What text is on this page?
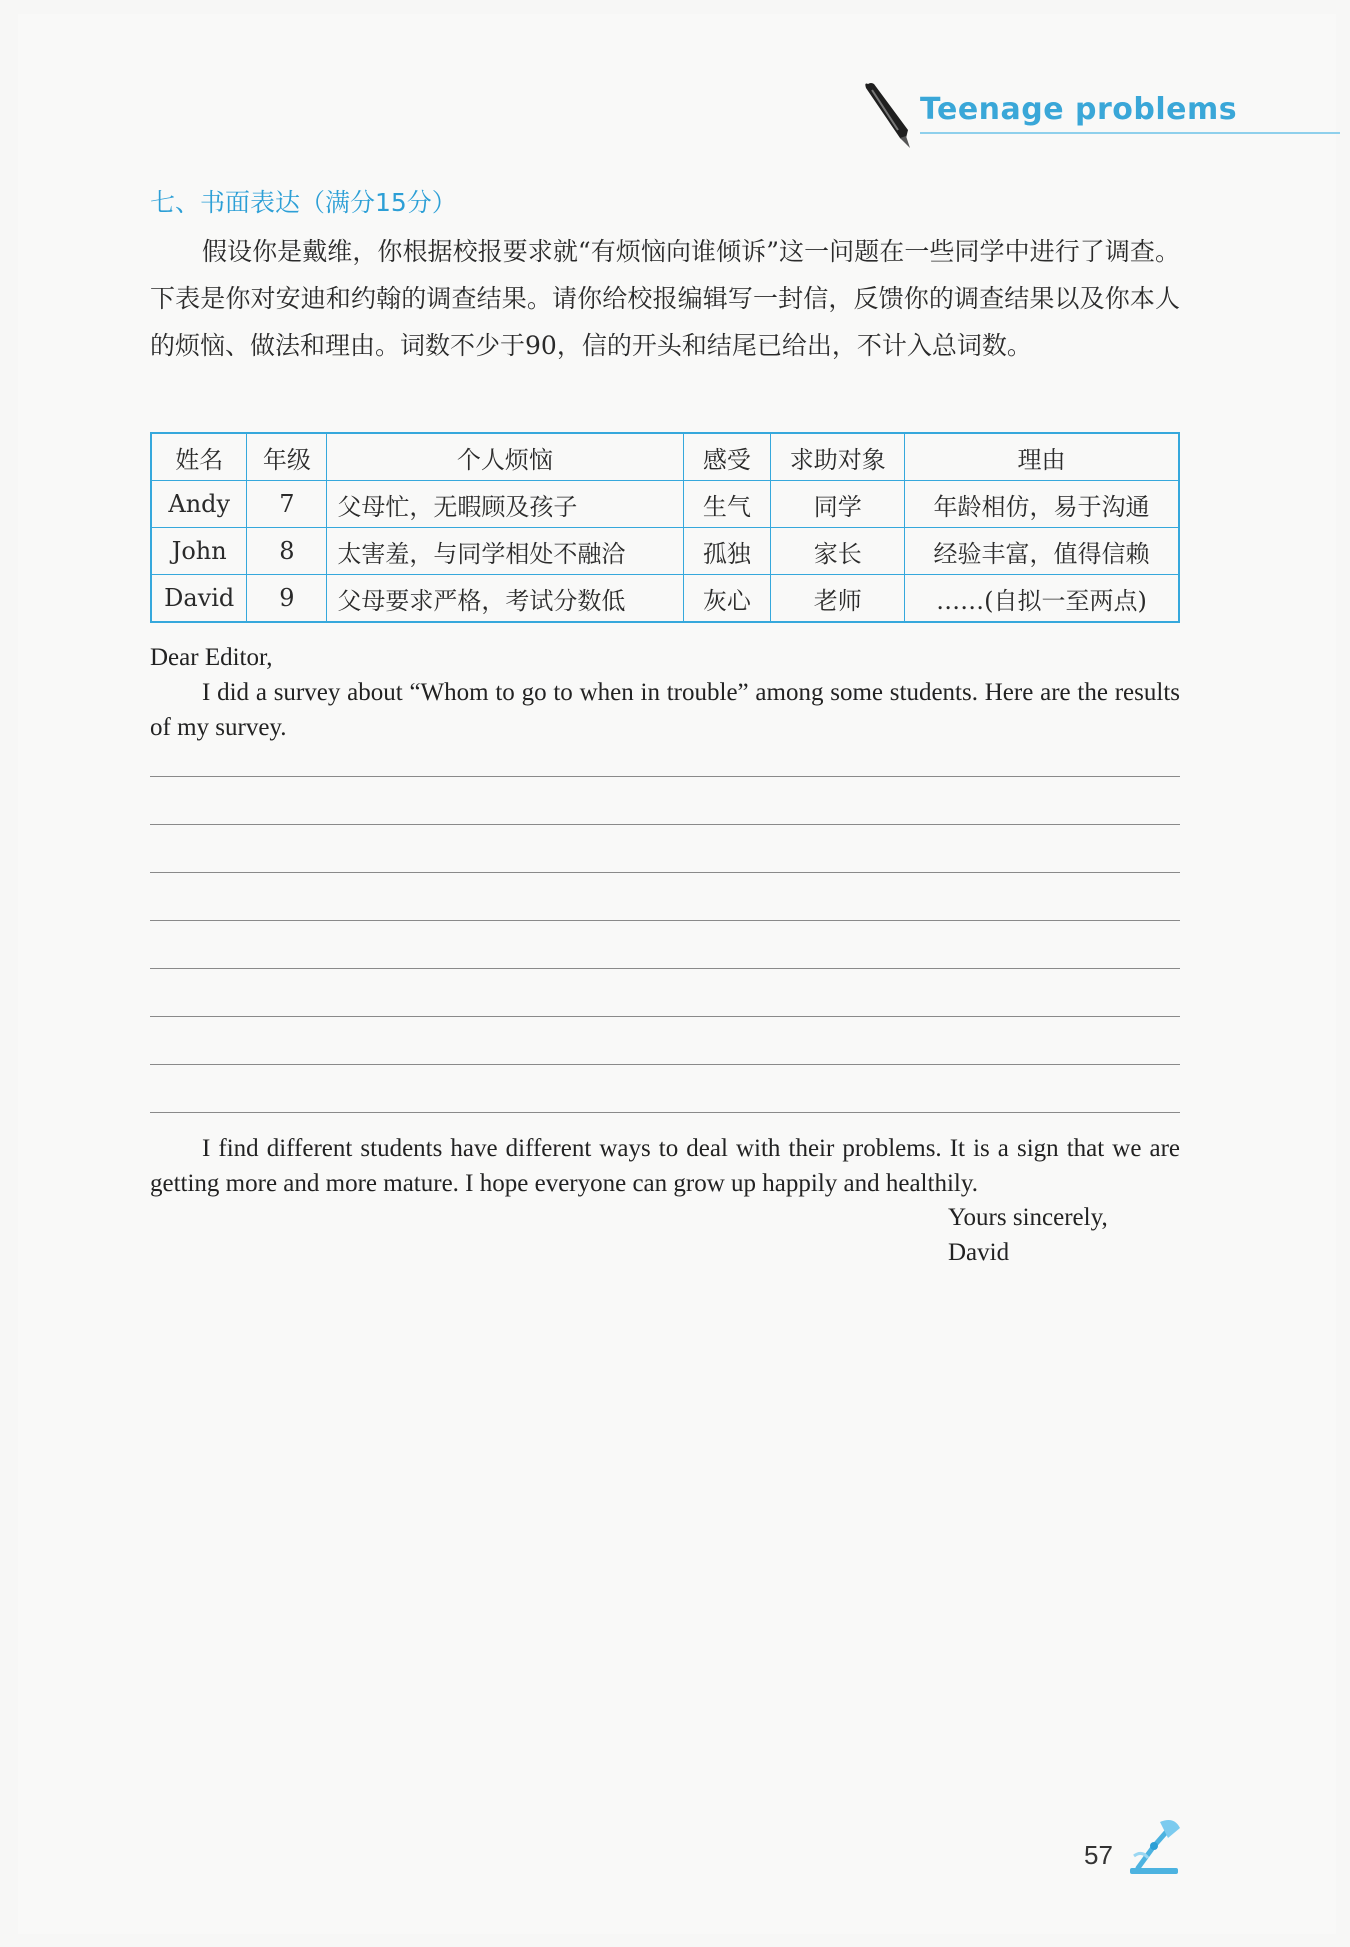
Teenage problems
七、书面表达（满分15分）
假设你是戴维，你根据校报要求就“有烦恼向谁倾诉”这一问题在一些同学中进行了调查。下表是你对安迪和约翰的调查结果。请你给校报编辑写一封信，反馈你的调查结果以及你本人的烦恼、做法和理由。词数不少于90，信的开头和结尾已给出，不计入总词数。
姓名	年级	个人烦恼	感受	求助对象	理由
Andy	7	父母忙，无暇顾及孩子	生气	同学	年龄相仿，易于沟通
John	8	太害羞，与同学相处不融洽	孤独	家长	经验丰富，值得信赖
David	9	父母要求严格，考试分数低	灰心	老师	……(自拟一至两点)
Dear Editor,
I did a survey about “Whom to go to when in trouble” among some students. Here are the results of my survey.
I find different students have different ways to deal with their problems. It is a sign that we are getting more and more mature. I hope everyone can grow up happily and healthily.
Yours sincerely,
David
57
